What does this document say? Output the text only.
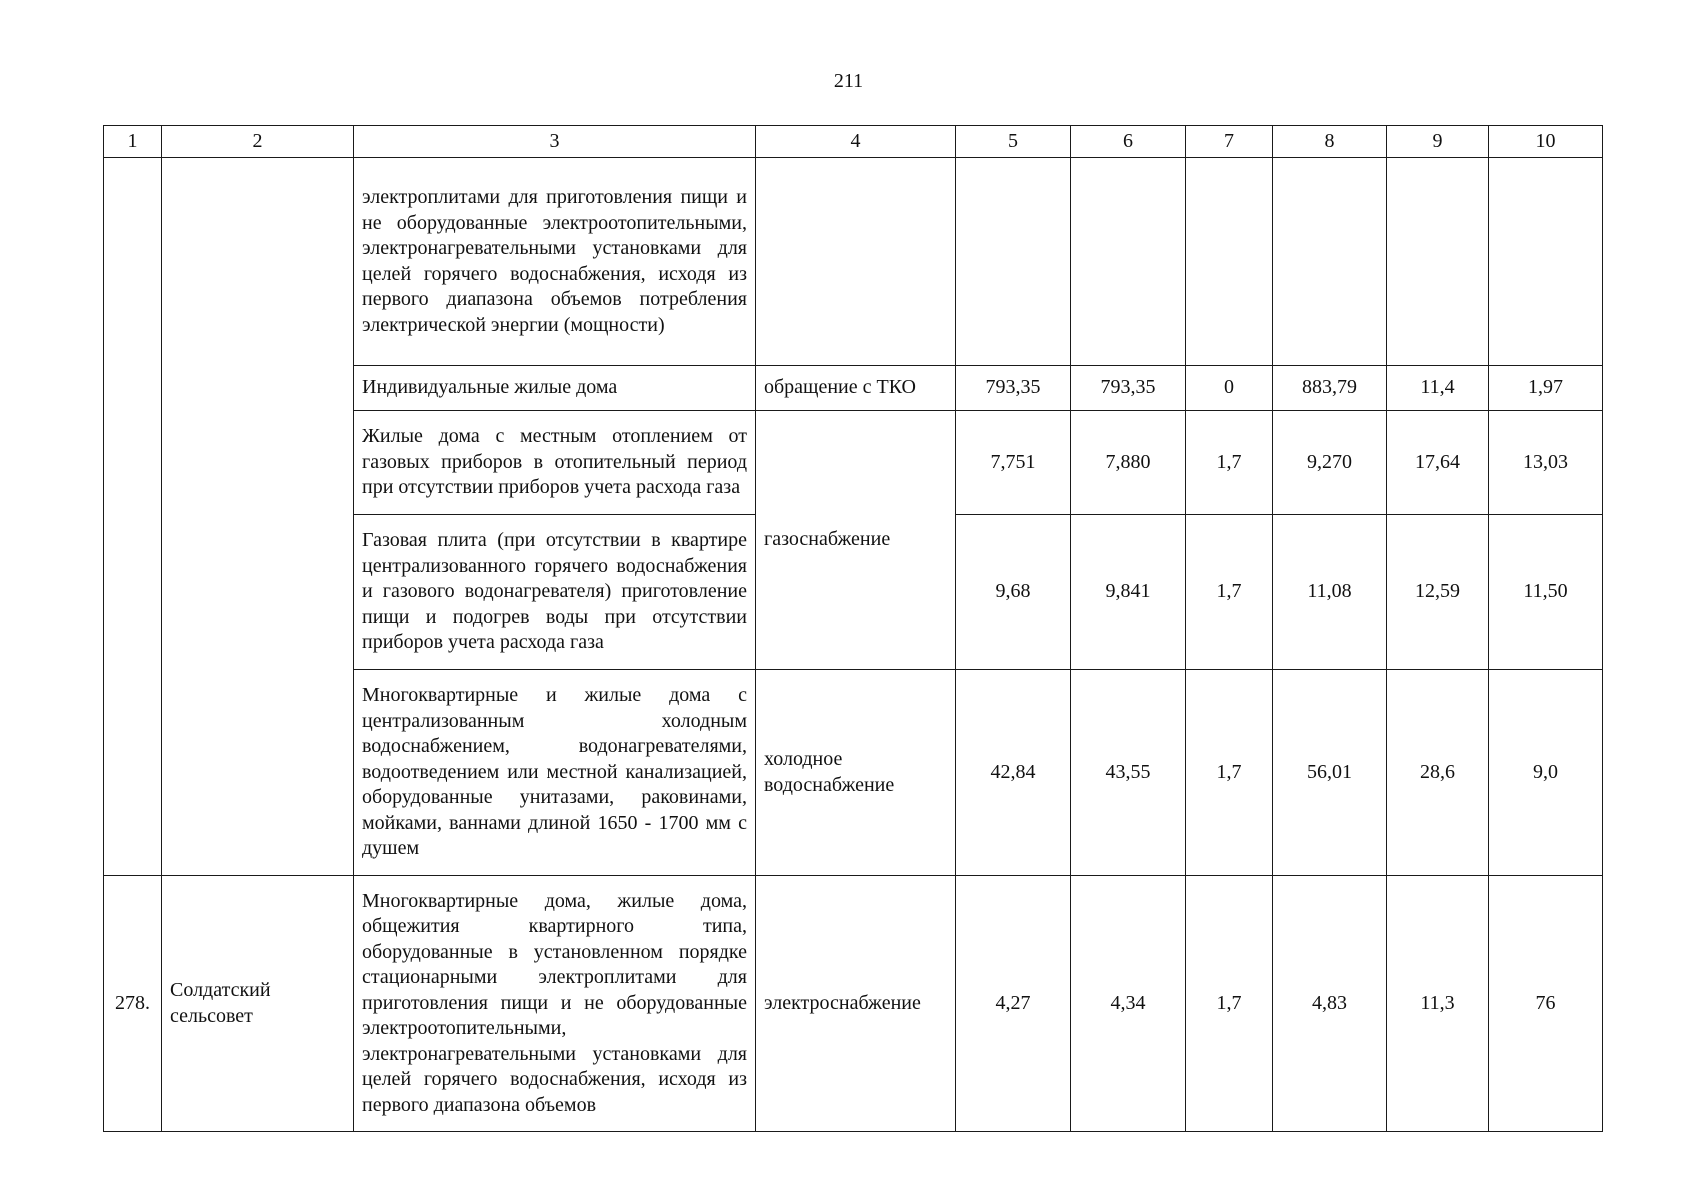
211
1	2	3	4	5	6	7	8	9	10

		электроплитами для приготовления пищи и не оборудованные электроотопительными, электронагревательными установками для целей горячего водоснабжения, исходя из первого диапазона объемов потребления электрической энергии (мощности)							

		Индивидуальные жилые дома	обращение с ТКО	793,35	793,35	0	883,79	11,4	1,97

		Жилые дома с местным отоплением от газовых приборов в отопительный период при отсутствии приборов учета расхода газа	газоснабжение	7,751	7,880	1,7	9,270	17,64	13,03

		Газовая плита (при отсутствии в квартире централизованного горячего водоснабжения и газового водонагревателя) приготовление пищи и подогрев воды при отсутствии приборов учета расхода газа		9,68	9,841	1,7	11,08	12,59	11,50

		Многоквартирные и жилые дома с централизованным холодным водоснабжением, водонагревателями, водоотведением или местной канализацией, оборудованные унитазами, раковинами, мойками, ваннами длиной 1650 - 1700 мм с душем	холодное водоснабжение	42,84	43,55	1,7	56,01	28,6	9,0
278.	Солдатский сельсовет	Многоквартирные дома, жилые дома, общежития квартирного типа, оборудованные в установленном порядке стационарными электроплитами для приготовления пищи и не оборудованные электроотопительными, электронагревательными установками для целей горячего водоснабжения, исходя из первого диапазона объемов	электроснабжение	4,27	4,34	1,7	4,83	11,3	76
